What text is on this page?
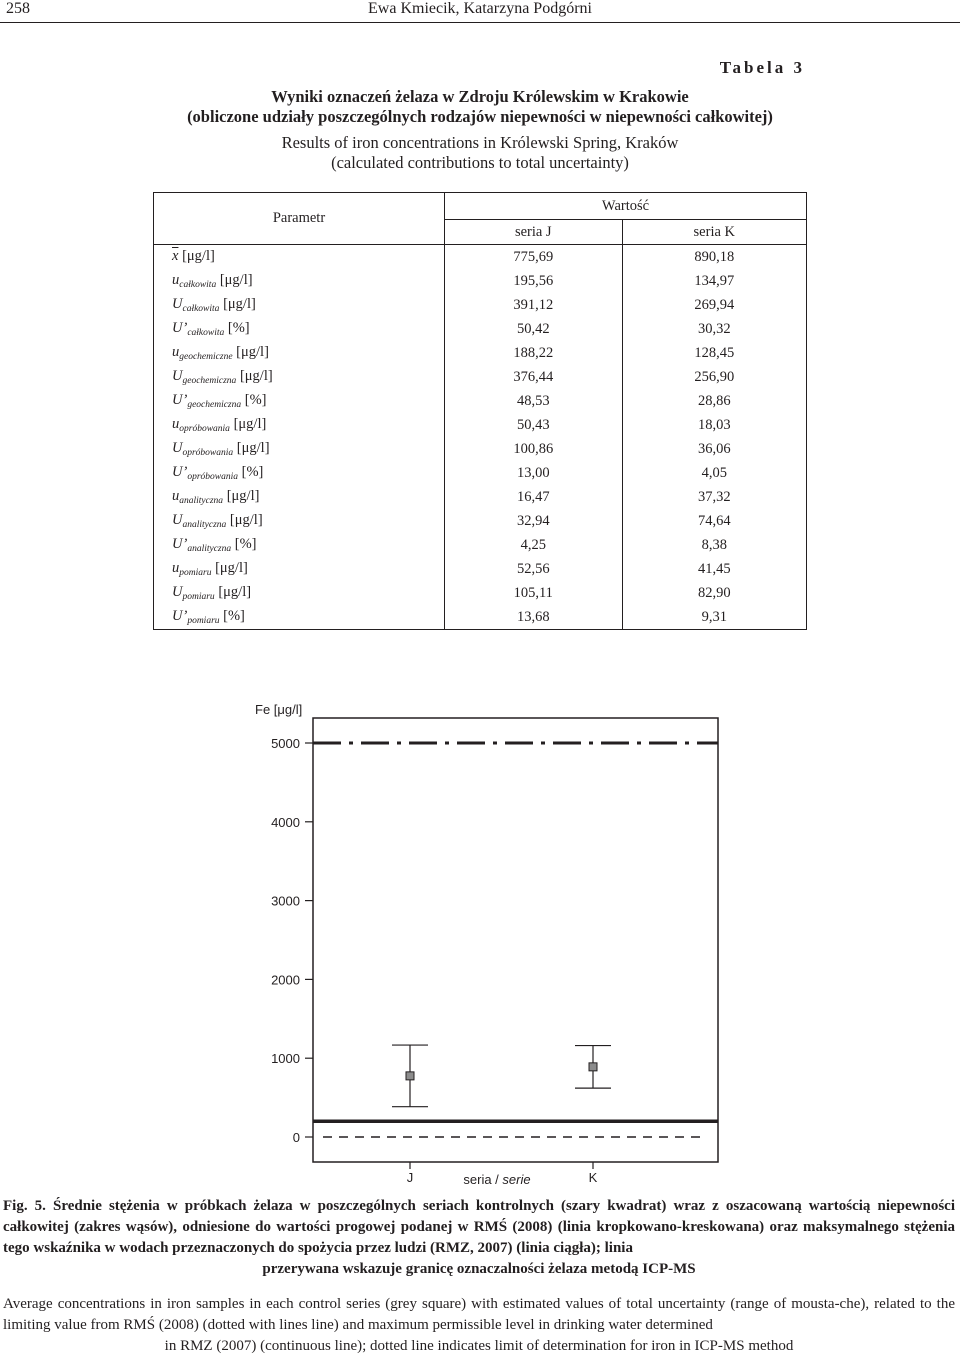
258	Ewa Kmiecik, Katarzyna Podgórni
Tabela 3
Wyniki oznaczeń żelaza w Zdroju Królewskim w Krakowie
(obliczone udziały poszczególnych rodzajów niepewności w niepewności całkowitej)
Results of iron concentrations in Królewski Spring, Kraków
(calculated contributions to total uncertainty)
Parametr	Wartość	
	seria J	seria K
$\overline{x}$ [μg/l]	775,69	890,18
$u_{całkowita}$ [μg/l]	195,56	134,97
$U_{całkowita}$ [μg/l]	391,12	269,94
$U’_{całkowita}$ [%]	50,42	30,32
$u_{geochemiczne}$ [μg/l]	188,22	128,45
$U_{geochemiczna}$ [μg/l]	376,44	256,90
$U’_{geochemiczna}$ [%]	48,53	28,86
$u_{opróbowania}$ [μg/l]	50,43	18,03
$U_{opróbowania}$ [μg/l]	100,86	36,06
$U’_{opróbowania}$ [%]	13,00	4,05
$u_{analityczna}$ [μg/l]	16,47	37,32
$U_{analityczna}$ [μg/l]	32,94	74,64
$U’_{analityczna}$ [%]	4,25	8,38
$u_{pomiaru}$ [μg/l]	52,56	41,45
$U_{pomiaru}$ [μg/l]	105,11	82,90
$U’_{pomiaru}$ [%]	13,68	9,31
Fe [μg/l]
0
1000
2000
3000
4000
5000
J	K
seria / serie
Fig. 5. Średnie stężenia w próbkach żelaza w poszczególnych seriach kontrolnych (szary kwadrat) wraz z oszacowaną wartością niepewności całkowitej (zakres wąsów), odniesione do wartości progowej podanej w RMŚ (2008) (linia kropkowano-kreskowana) oraz maksymalnego stężenia tego wskaźnika w wodach przeznaczonych do spożycia przez ludzi (RMZ, 2007) (linia ciągła); linia
przerywana wskazuje granicę oznaczalności żelaza metodą ICP-MS
Average concentrations in iron samples in each control series (grey square) with estimated values of total uncertainty (range of mousta-che), related to the limiting value from RMŚ (2008) (dotted with lines line) and maximum permissible level in drinking water determined
in RMZ (2007) (continuous line); dotted line indicates limit of determination for iron in ICP-MS method
